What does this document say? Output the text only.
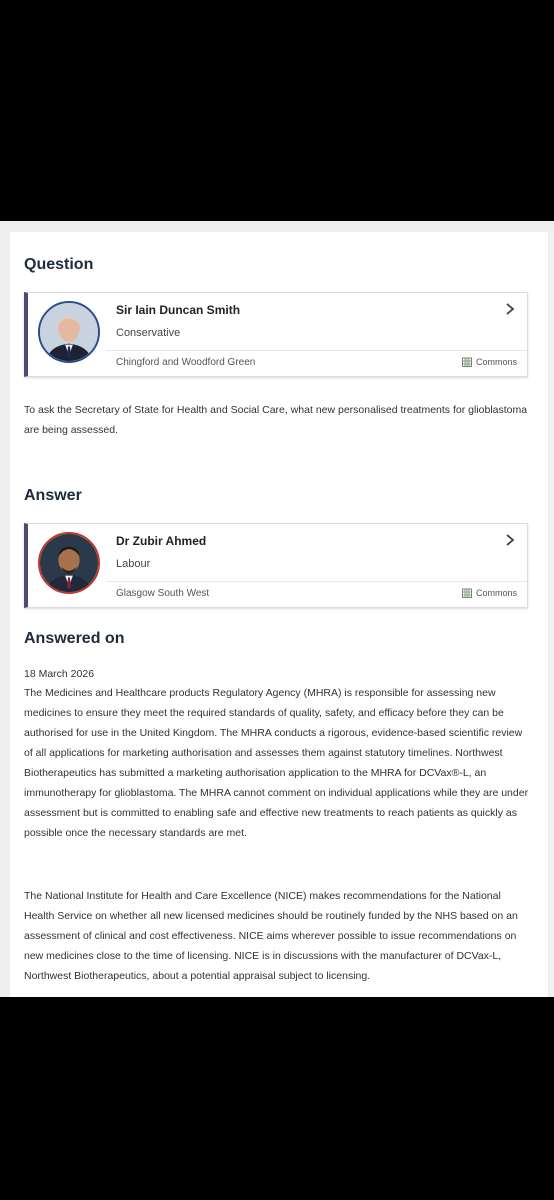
Question
Sir Iain Duncan Smith
Conservative
Chingford and Woodford Green	Commons

To ask the Secretary of State for Health and Social Care, what new personalised treatments for glioblastoma are being assessed.

Answer
Dr Zubir Ahmed
Labour
Glasgow South West	Commons
Answered on

18 March 2026

The Medicines and Healthcare products Regulatory Agency (MHRA) is responsible for assessing new medicines to ensure they meet the required standards of quality, safety, and efficacy before they can be authorised for use in the United Kingdom. The MHRA conducts a rigorous, evidence-based scientific review of all applications for marketing authorisation and assesses them against statutory timelines. Northwest Biotherapeutics has submitted a marketing authorisation application to the MHRA for DCVax®-L, an immunotherapy for glioblastoma. The MHRA cannot comment on individual applications while they are under assessment but is committed to enabling safe and effective new treatments to reach patients as quickly as possible once the necessary standards are met.

The National Institute for Health and Care Excellence (NICE) makes recommendations for the National Health Service on whether all new licensed medicines should be routinely funded by the NHS based on an assessment of clinical and cost effectiveness. NICE aims wherever possible to issue recommendations on new medicines close to the time of licensing. NICE is in discussions with the manufacturer of DCVax-L, Northwest Biotherapeutics, about a potential appraisal subject to licensing.
